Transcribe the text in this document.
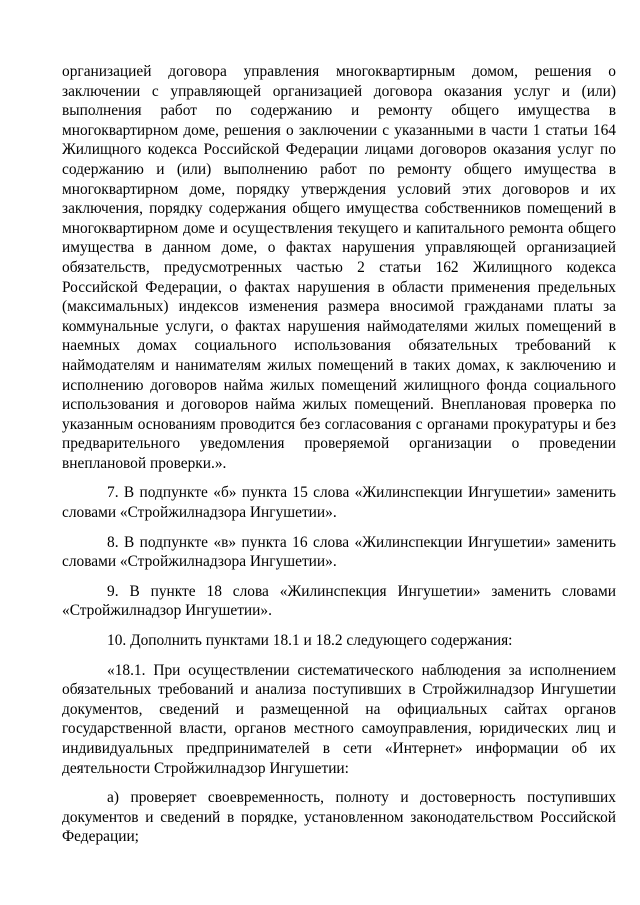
организацией договора управления многоквартирным домом, решения о заключении с управляющей организацией договора оказания услуг и (или) выполнения работ по содержанию и ремонту общего имущества в многоквартирном доме, решения о заключении с указанными в части 1 статьи 164 Жилищного кодекса Российской Федерации лицами договоров оказания услуг по содержанию и (или) выполнению работ по ремонту общего имущества в многоквартирном доме, порядку утверждения условий этих договоров и их заключения, порядку содержания общего имущества собственников помещений в многоквартирном доме и осуществления текущего и капитального ремонта общего имущества в данном доме, о фактах нарушения управляющей организацией обязательств, предусмотренных частью 2 статьи 162 Жилищного кодекса Российской Федерации, о фактах нарушения в области применения предельных (максимальных) индексов изменения размера вносимой гражданами платы за коммунальные услуги, о фактах нарушения наймодателями жилых помещений в наемных домах социального использования обязательных требований к наймодателям и нанимателям жилых помещений в таких домах, к заключению и исполнению договоров найма жилых помещений жилищного фонда социального использования и договоров найма жилых помещений. Внеплановая проверка по указанным основаниям проводится без согласования с органами прокуратуры и без предварительного уведомления проверяемой организации о проведении внеплановой проверки.».

7. В подпункте «б» пункта 15 слова «Жилинспекции Ингушетии» заменить словами «Стройжилнадзора Ингушетии».

8. В подпункте «в» пункта 16 слова «Жилинспекции Ингушетии» заменить словами «Стройжилнадзора Ингушетии».

9. В пункте 18 слова «Жилинспекция Ингушетии» заменить словами «Стройжилнадзор Ингушетии».

10. Дополнить пунктами 18.1 и 18.2 следующего содержания:

«18.1. При осуществлении систематического наблюдения за исполнением обязательных требований и анализа поступивших в Стройжилнадзор Ингушетии документов, сведений и размещенной на официальных сайтах органов государственной власти, органов местного самоуправления, юридических лиц и индивидуальных предпринимателей в сети «Интернет» информации об их деятельности Стройжилнадзор Ингушетии:

а) проверяет своевременность, полноту и достоверность поступивших документов и сведений в порядке, установленном законодательством Российской Федерации;
